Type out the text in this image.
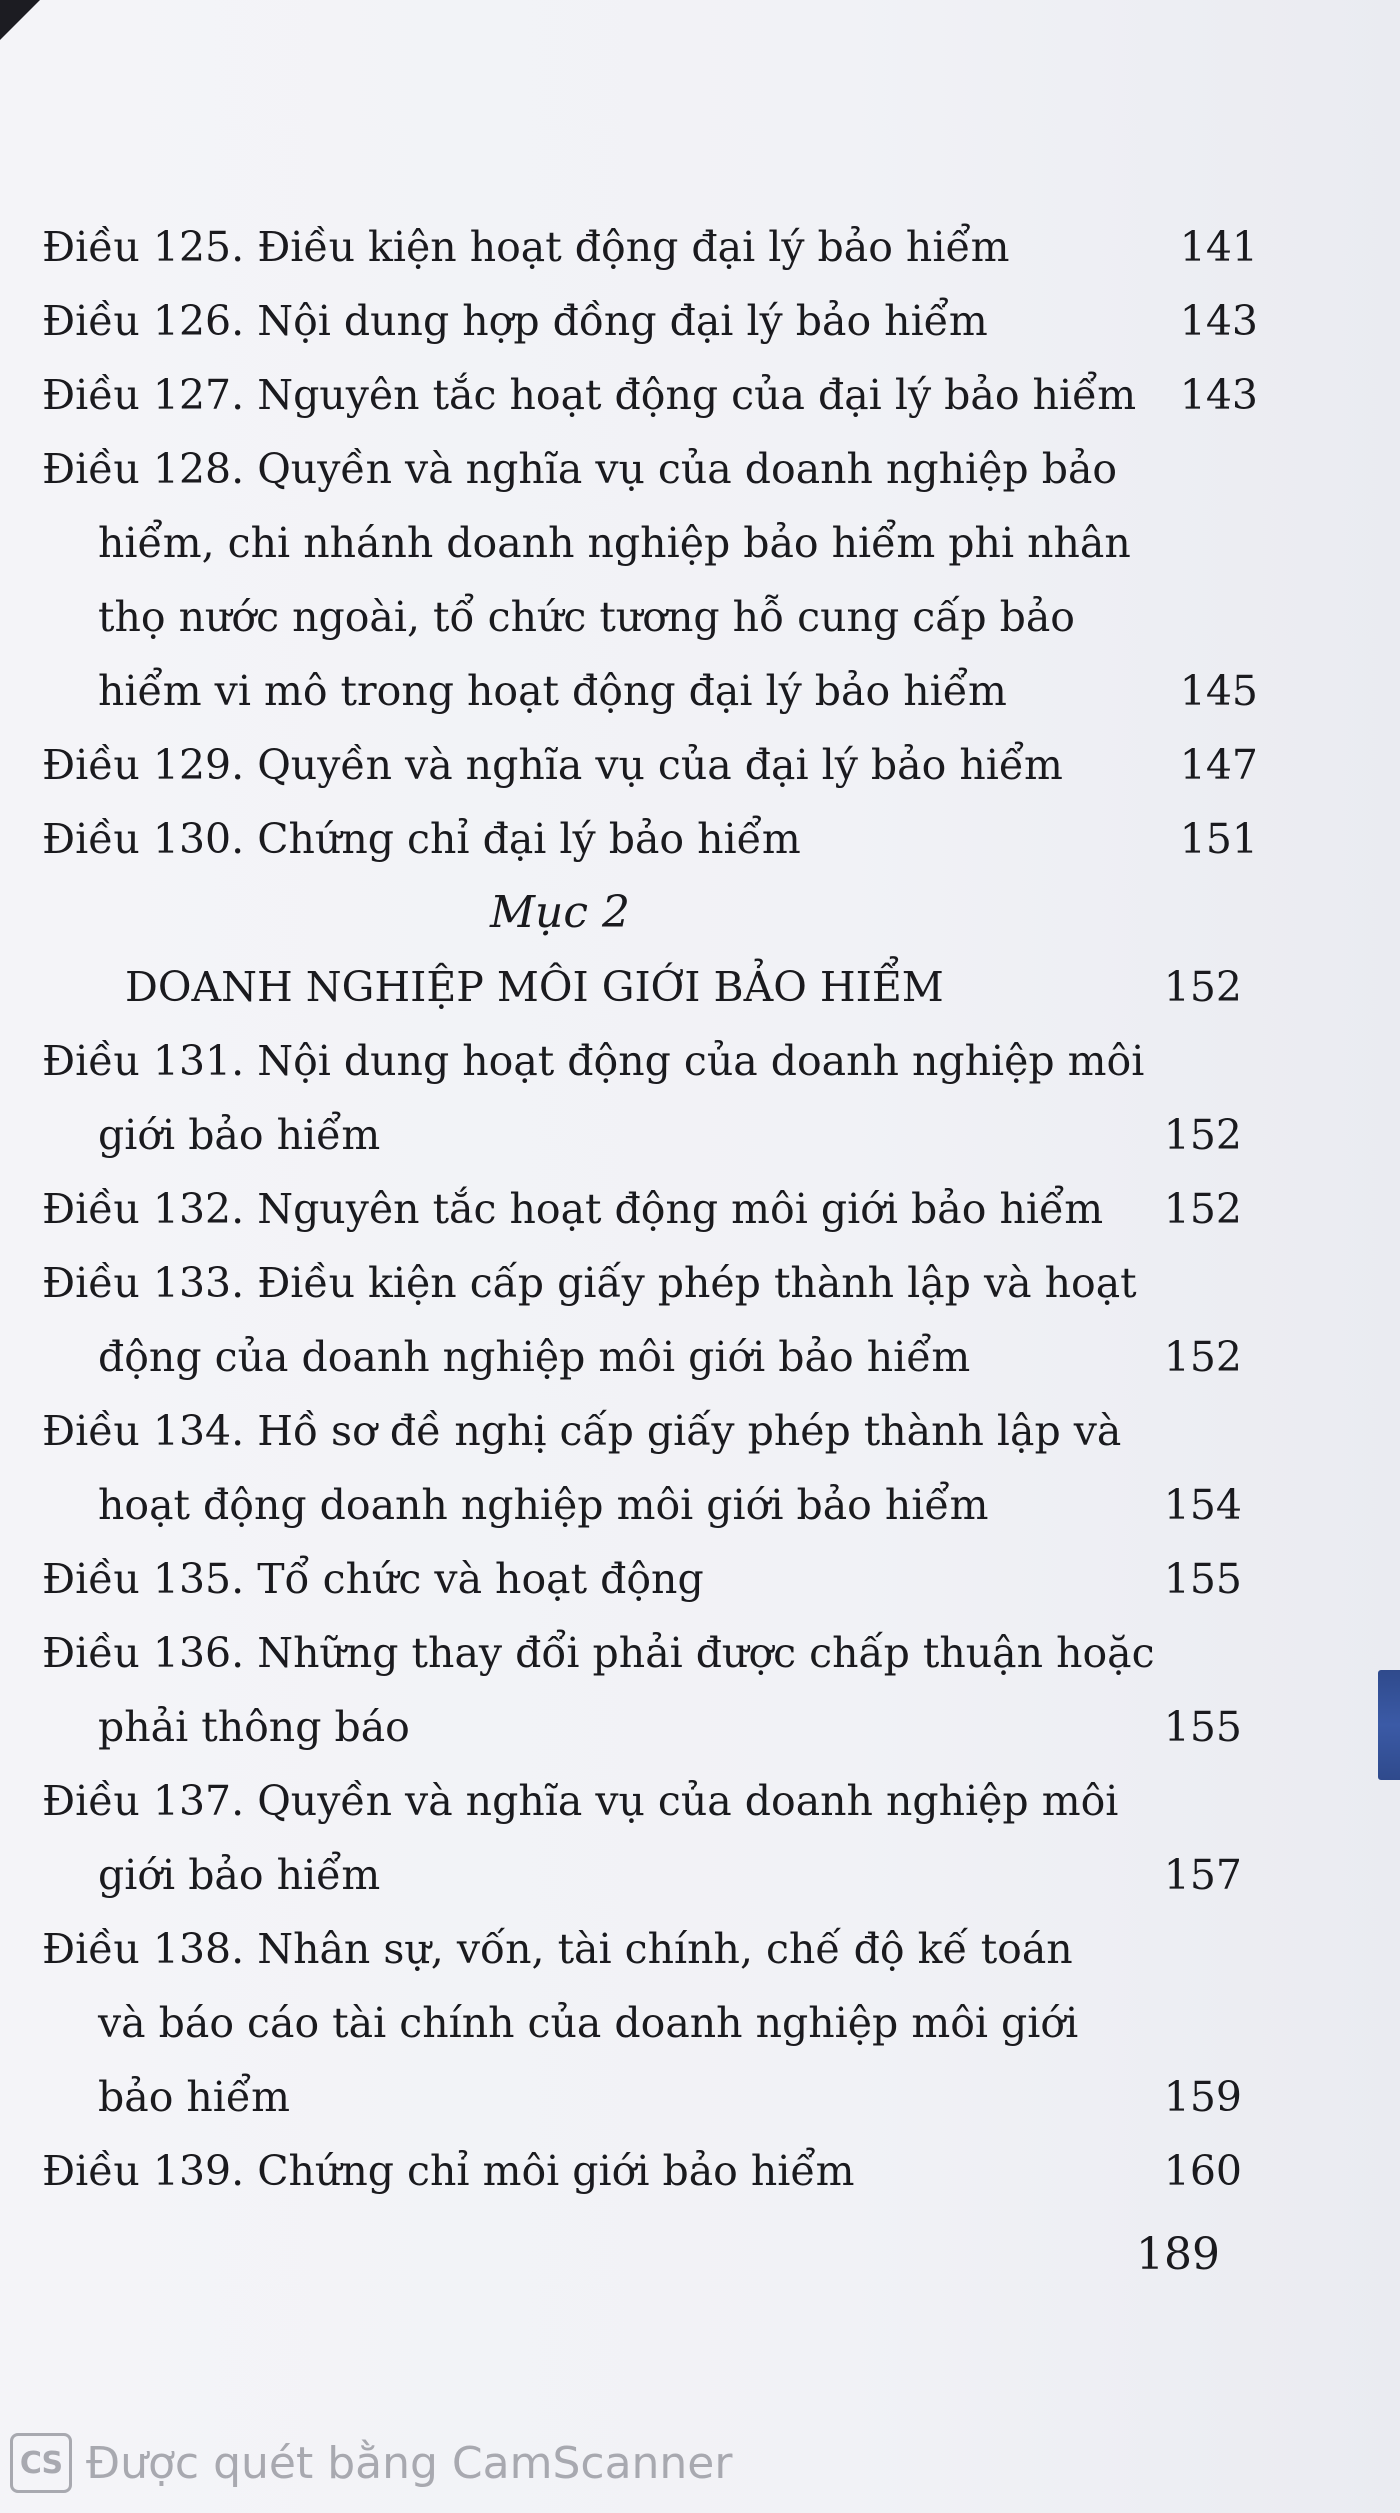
Điều 125. Điều kiện hoạt động đại lý bảo hiểm	141
Điều 126. Nội dung hợp đồng đại lý bảo hiểm	143
Điều 127. Nguyên tắc hoạt động của đại lý bảo hiểm	143
Điều 128. Quyền và nghĩa vụ của doanh nghiệp bảo
hiểm, chi nhánh doanh nghiệp bảo hiểm phi nhân
thọ nước ngoài, tổ chức tương hỗ cung cấp bảo
hiểm vi mô trong hoạt động đại lý bảo hiểm	145
Điều 129. Quyền và nghĩa vụ của đại lý bảo hiểm	147
Điều 130. Chứng chỉ đại lý bảo hiểm	151
Mục 2
DOANH NGHIỆP MÔI GIỚI BẢO HIỂM	152
Điều 131. Nội dung hoạt động của doanh nghiệp môi
giới bảo hiểm	152
Điều 132. Nguyên tắc hoạt động môi giới bảo hiểm	152
Điều 133. Điều kiện cấp giấy phép thành lập và hoạt
động của doanh nghiệp môi giới bảo hiểm	152
Điều 134. Hồ sơ đề nghị cấp giấy phép thành lập và
hoạt động doanh nghiệp môi giới bảo hiểm	154
Điều 135. Tổ chức và hoạt động	155
Điều 136. Những thay đổi phải được chấp thuận hoặc
phải thông báo	155
Điều 137. Quyền và nghĩa vụ của doanh nghiệp môi
giới bảo hiểm	157
Điều 138. Nhân sự, vốn, tài chính, chế độ kế toán
và báo cáo tài chính của doanh nghiệp môi giới
bảo hiểm	159
Điều 139. Chứng chỉ môi giới bảo hiểm	160
189
CS Được quét bằng CamScanner
